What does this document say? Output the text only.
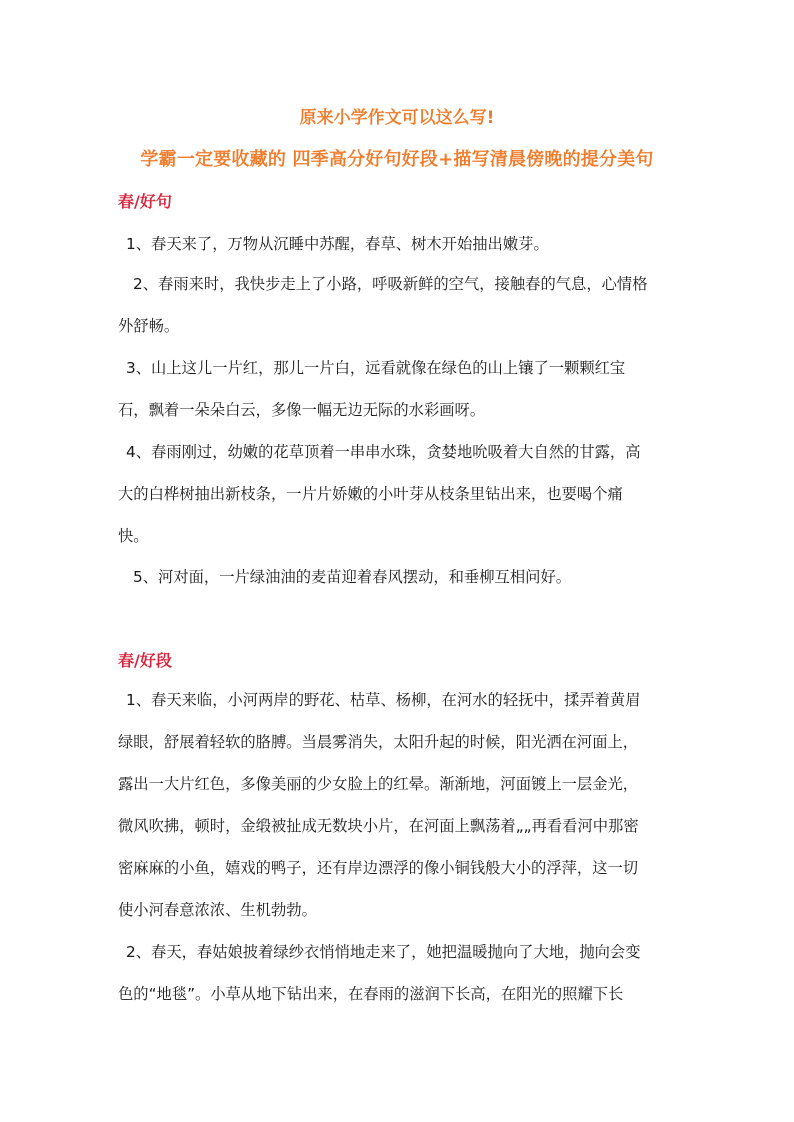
原来小学作文可以这么写!
学霸一定要收藏的 四季高分好句好段+描写清晨傍晚的提分美句
春/好句

1、春天来了，万物从沉睡中苏醒，春草、树木开始抽出嫩芽。

2、春雨来时，我快步走上了小路，呼吸新鲜的空气，接触春的气息，心情格

外舒畅。

3、山上这儿一片红，那儿一片白，远看就像在绿色的山上镶了一颗颗红宝

石，飘着一朵朵白云，多像一幅无边无际的水彩画呀。

4、春雨刚过，幼嫩的花草顶着一串串水珠，贪婪地吮吸着大自然的甘露，高

大的白桦树抽出新枝条，一片片娇嫩的小叶芽从枝条里钻出来，也要喝个痛

快。

5、河对面，一片绿油油的麦苗迎着春风摆动，和垂柳互相问好。

春/好段

1、春天来临，小河两岸的野花、枯草、杨柳，在河水的轻抚中，揉弄着黄眉

绿眼，舒展着轻软的胳膊。当晨雾消失，太阳升起的时候，阳光洒在河面上，

露出一大片红色，多像美丽的少女脸上的红晕。渐渐地，河面镀上一层金光，

微风吹拂，顿时，金缎被扯成无数块小片，在河面上飘荡着„„再看看河中那密

密麻麻的小鱼，嬉戏的鸭子，还有岸边漂浮的像小铜钱般大小的浮萍，这一切

使小河春意浓浓、生机勃勃。

2、春天，春姑娘披着绿纱衣悄悄地走来了，她把温暖抛向了大地，抛向会变

色的“地毯”。小草从地下钻出来，在春雨的滋润下长高，在阳光的照耀下长
